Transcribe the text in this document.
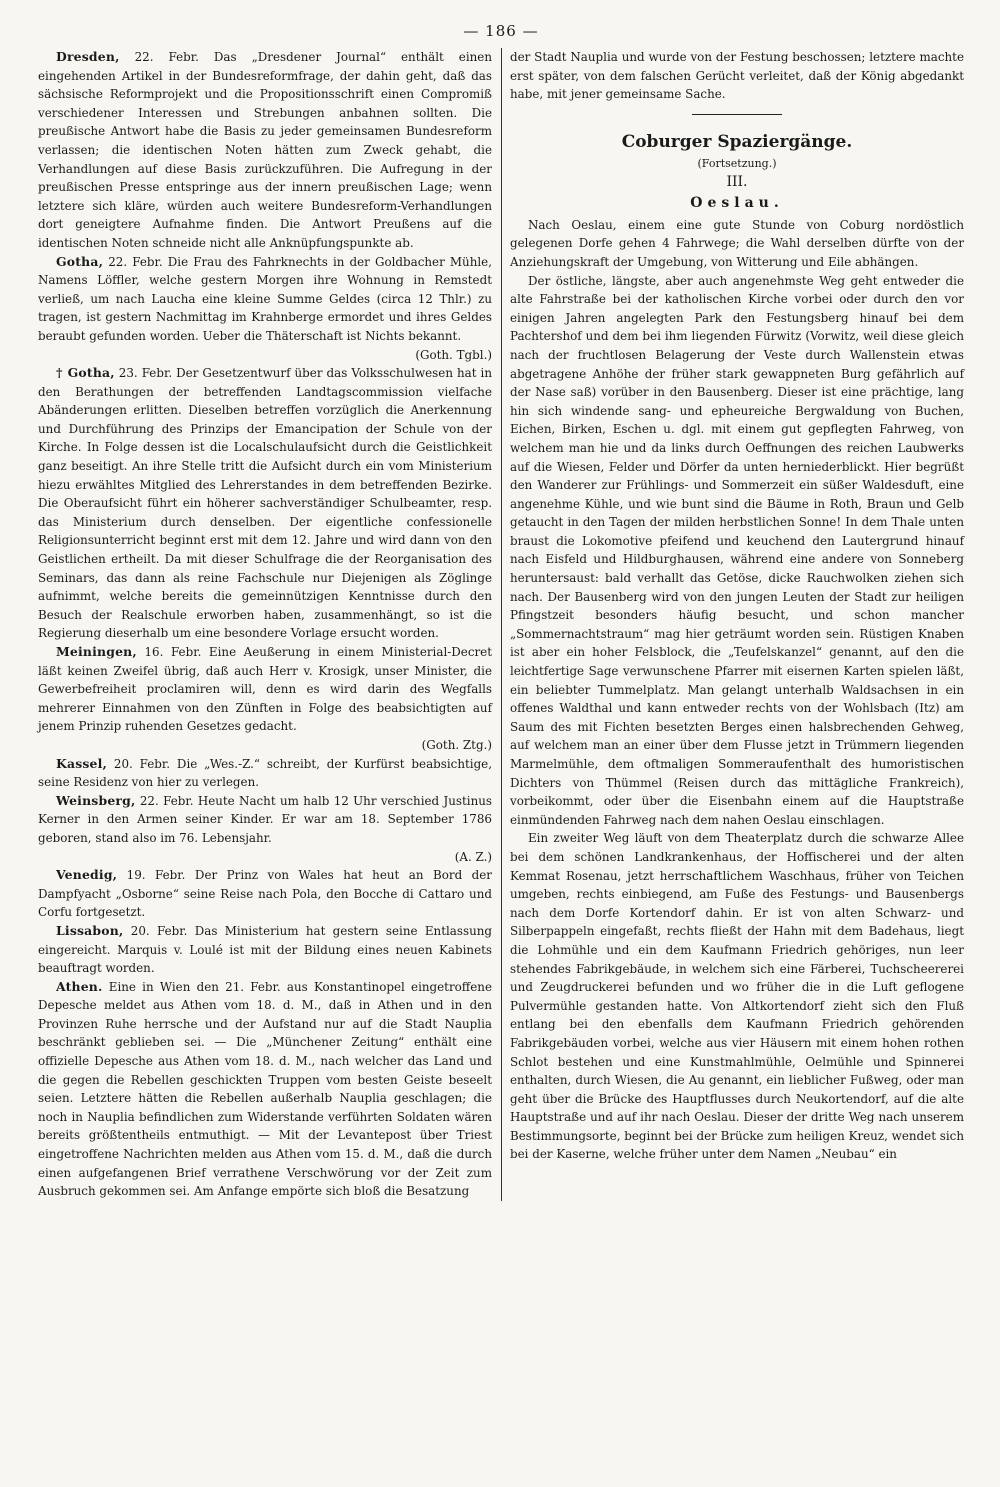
— 186 —

Dresden, 22. Febr. Das „Dresdener Journal“ enthält einen eingehenden Artikel in der Bundesreformfrage, der dahin geht, daß das sächsische Reformprojekt und die Propositionsschrift einen Compromiß verschiedener Interessen und Strebungen anbahnen sollten. Die preußische Antwort habe die Basis zu jeder gemeinsamen Bundesreform verlassen; die identischen Noten hätten zum Zweck gehabt, die Verhandlungen auf diese Basis zurückzuführen. Die Aufregung in der preußischen Presse entspringe aus der innern preußischen Lage; wenn letztere sich kläre, würden auch weitere Bundesreform-Verhandlungen dort geneigtere Aufnahme finden. Die Antwort Preußens auf die identischen Noten schneide nicht alle Anknüpfungspunkte ab.

Gotha, 22. Febr. Die Frau des Fahrknechts in der Goldbacher Mühle, Namens Löffler, welche gestern Morgen ihre Wohnung in Remstedt verließ, um nach Laucha eine kleine Summe Geldes (circa 12 Thlr.) zu tragen, ist gestern Nachmittag im Krahnberge ermordet und ihres Geldes beraubt gefunden worden. Ueber die Thäterschaft ist Nichts bekannt.

(Goth. Tgbl.)

† Gotha, 23. Febr. Der Gesetzentwurf über das Volksschulwesen hat in den Berathungen der betreffenden Landtagscommission vielfache Abänderungen erlitten. Dieselben betreffen vorzüglich die Anerkennung und Durchführung des Prinzips der Emancipation der Schule von der Kirche. In Folge dessen ist die Localschulaufsicht durch die Geistlichkeit ganz beseitigt. An ihre Stelle tritt die Aufsicht durch ein vom Ministerium hiezu erwähltes Mitglied des Lehrerstandes in dem betreffenden Bezirke. Die Oberaufsicht führt ein höherer sachverständiger Schulbeamter, resp. das Ministerium durch denselben. Der eigentliche confessionelle Religionsunterricht beginnt erst mit dem 12. Jahre und wird dann von den Geistlichen ertheilt. Da mit dieser Schulfrage die der Reorganisation des Seminars, das dann als reine Fachschule nur Diejenigen als Zöglinge aufnimmt, welche bereits die gemeinnützigen Kenntnisse durch den Besuch der Realschule erworben haben, zusammenhängt, so ist die Regierung dieserhalb um eine besondere Vorlage ersucht worden.

Meiningen, 16. Febr. Eine Aeußerung in einem Ministerial-Decret läßt keinen Zweifel übrig, daß auch Herr v. Krosigk, unser Minister, die Gewerbefreiheit proclamiren will, denn es wird darin des Wegfalls mehrerer Einnahmen von den Zünften in Folge des beabsichtigten auf jenem Prinzip ruhenden Gesetzes gedacht.

(Goth. Ztg.)

Kassel, 20. Febr. Die „Wes.-Z.“ schreibt, der Kurfürst beabsichtige, seine Residenz von hier zu verlegen.

Weinsberg, 22. Febr. Heute Nacht um halb 12 Uhr verschied Justinus Kerner in den Armen seiner Kinder. Er war am 18. September 1786 geboren, stand also im 76. Lebensjahr.

(A. Z.)

Venedig, 19. Febr. Der Prinz von Wales hat heut an Bord der Dampfyacht „Osborne“ seine Reise nach Pola, den Bocche di Cattaro und Corfu fortgesetzt.

Lissabon, 20. Febr. Das Ministerium hat gestern seine Entlassung eingereicht. Marquis v. Loulé ist mit der Bildung eines neuen Kabinets beauftragt worden.

Athen. Eine in Wien den 21. Febr. aus Konstantinopel eingetroffene Depesche meldet aus Athen vom 18. d. M., daß in Athen und in den Provinzen Ruhe herrsche und der Aufstand nur auf die Stadt Nauplia beschränkt geblieben sei. — Die „Münchener Zeitung“ enthält eine offizielle Depesche aus Athen vom 18. d. M., nach welcher das Land und die gegen die Rebellen geschickten Truppen vom besten Geiste beseelt seien. Letztere hätten die Rebellen außerhalb Nauplia geschlagen; die noch in Nauplia befindlichen zum Widerstande verführten Soldaten wären bereits größtentheils entmuthigt. — Mit der Levantepost über Triest eingetroffene Nachrichten melden aus Athen vom 15. d. M., daß die durch einen aufgefangenen Brief verrathene Verschwörung vor der Zeit zum Ausbruch gekommen sei. Am Anfange empörte sich bloß die Besatzung

der Stadt Nauplia und wurde von der Festung beschossen; letztere machte erst später, von dem falschen Gerücht verleitet, daß der König abgedankt habe, mit jener gemeinsame Sache.

Coburger Spaziergänge.

(Fortsetzung.)

III.

Oeslau.

Nach Oeslau, einem eine gute Stunde von Coburg nordöstlich gelegenen Dorfe gehen 4 Fahrwege; die Wahl derselben dürfte von der Anziehungskraft der Umgebung, von Witterung und Eile abhängen.

Der östliche, längste, aber auch angenehmste Weg geht entweder die alte Fahrstraße bei der katholischen Kirche vorbei oder durch den vor einigen Jahren angelegten Park den Festungsberg hinauf bei dem Pachtershof und dem bei ihm liegenden Fürwitz (Vorwitz, weil diese gleich nach der fruchtlosen Belagerung der Veste durch Wallenstein etwas abgetragene Anhöhe der früher stark gewappneten Burg gefährlich auf der Nase saß) vorüber in den Bausenberg. Dieser ist eine prächtige, lang hin sich windende sang- und epheureiche Bergwaldung von Buchen, Eichen, Birken, Eschen u. dgl. mit einem gut gepflegten Fahrweg, von welchem man hie und da links durch Oeffnungen des reichen Laubwerks auf die Wiesen, Felder und Dörfer da unten herniederblickt. Hier begrüßt den Wanderer zur Frühlings- und Sommerzeit ein süßer Waldesduft, eine angenehme Kühle, und wie bunt sind die Bäume in Roth, Braun und Gelb getaucht in den Tagen der milden herbstlichen Sonne! In dem Thale unten braust die Lokomotive pfeifend und keuchend den Lautergrund hinauf nach Eisfeld und Hildburghausen, während eine andere von Sonneberg heruntersaust: bald verhallt das Getöse, dicke Rauchwolken ziehen sich nach. Der Bausenberg wird von den jungen Leuten der Stadt zur heiligen Pfingstzeit besonders häufig besucht, und schon mancher „Sommernachtstraum“ mag hier geträumt worden sein. Rüstigen Knaben ist aber ein hoher Felsblock, die „Teufelskanzel“ genannt, auf den die leichtfertige Sage verwunschene Pfarrer mit eisernen Karten spielen läßt, ein beliebter Tummelplatz. Man gelangt unterhalb Waldsachsen in ein offenes Waldthal und kann entweder rechts von der Wohlsbach (Itz) am Saum des mit Fichten besetzten Berges einen halsbrechenden Gehweg, auf welchem man an einer über dem Flusse jetzt in Trümmern liegenden Marmelmühle, dem oftmaligen Sommeraufenthalt des humoristischen Dichters von Thümmel (Reisen durch das mittägliche Frankreich), vorbeikommt, oder über die Eisenbahn einem auf die Hauptstraße einmündenden Fahrweg nach dem nahen Oeslau einschlagen.

Ein zweiter Weg läuft von dem Theaterplatz durch die schwarze Allee bei dem schönen Landkrankenhaus, der Hoffischerei und der alten Kemmat Rosenau, jetzt herrschaftlichem Waschhaus, früher von Teichen umgeben, rechts einbiegend, am Fuße des Festungs- und Bausenbergs nach dem Dorfe Kortendorf dahin. Er ist von alten Schwarz- und Silberpappeln eingefaßt, rechts fließt der Hahn mit dem Badehaus, liegt die Lohmühle und ein dem Kaufmann Friedrich gehöriges, nun leer stehendes Fabrikgebäude, in welchem sich eine Färberei, Tuchscheererei und Zeugdruckerei befunden und wo früher die in die Luft geflogene Pulvermühle gestanden hatte. Von Altkortendorf zieht sich den Fluß entlang bei den ebenfalls dem Kaufmann Friedrich gehörenden Fabrikgebäuden vorbei, welche aus vier Häusern mit einem hohen rothen Schlot bestehen und eine Kunstmahlmühle, Oelmühle und Spinnerei enthalten, durch Wiesen, die Au genannt, ein lieblicher Fußweg, oder man geht über die Brücke des Hauptflusses durch Neukortendorf, auf die alte Hauptstraße und auf ihr nach Oeslau. Dieser der dritte Weg nach unserem Bestimmungsorte, beginnt bei der Brücke zum heiligen Kreuz, wendet sich bei der Kaserne, welche früher unter dem Namen „Neubau“ ein
